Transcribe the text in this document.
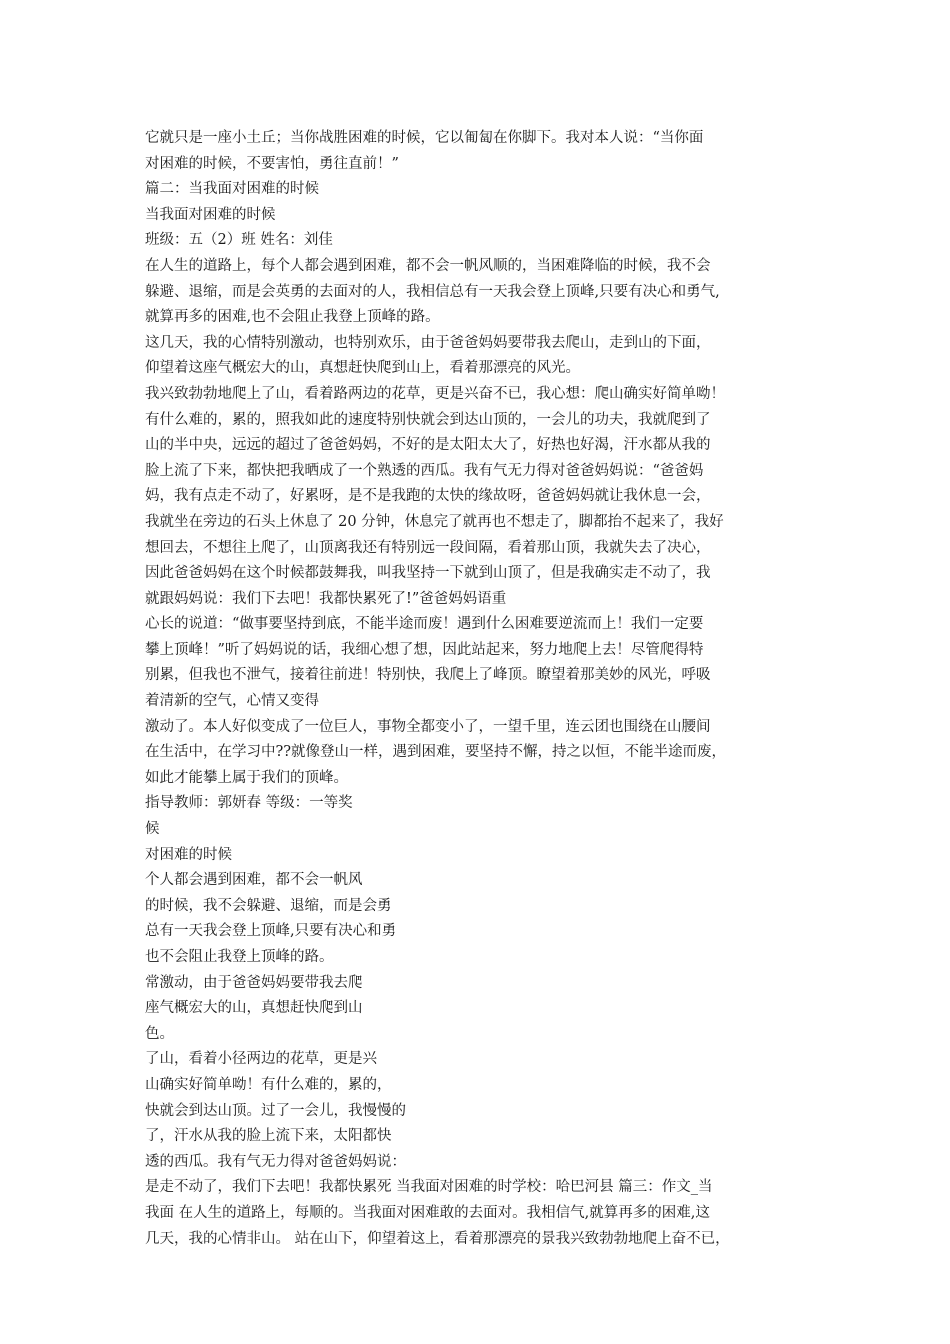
它就只是一座小土丘；当你战胜困难的时候，它以匍匐在你脚下。我对本人说：“当你面

对困难的时候，不要害怕，勇往直前！”

篇二：当我面对困难的时候

当我面对困难的时候

班级：五（2）班 姓名：刘佳

在人生的道路上，每个人都会遇到困难，都不会一帆风顺的，当困难降临的时候，我不会

躲避、退缩，而是会英勇的去面对的人，我相信总有一天我会登上顶峰,只要有决心和勇气,

就算再多的困难,也不会阻止我登上顶峰的路。

这几天，我的心情特别激动，也特别欢乐，由于爸爸妈妈要带我去爬山，走到山的下面，

仰望着这座气概宏大的山，真想赶快爬到山上，看着那漂亮的风光。

我兴致勃勃地爬上了山，看着路两边的花草，更是兴奋不已，我心想：爬山确实好简单呦！

有什么难的，累的，照我如此的速度特别快就会到达山顶的，一会儿的功夫，我就爬到了

山的半中央，远远的超过了爸爸妈妈，不好的是太阳太大了，好热也好渴，汗水都从我的

脸上流了下来，都快把我晒成了一个熟透的西瓜。我有气无力得对爸爸妈妈说：“爸爸妈

妈，我有点走不动了，好累呀，是不是我跑的太快的缘故呀，爸爸妈妈就让我休息一会，

我就坐在旁边的石头上休息了 20 分钟，休息完了就再也不想走了，脚都抬不起来了，我好

想回去，不想往上爬了，山顶离我还有特别远一段间隔，看着那山顶，我就失去了决心，

因此爸爸妈妈在这个时候都鼓舞我，叫我坚持一下就到山顶了，但是我确实走不动了，我

就跟妈妈说：我们下去吧！我都快累死了!”爸爸妈妈语重

心长的说道：“做事要坚持到底，不能半途而废！遇到什么困难要逆流而上！我们一定要

攀上顶峰！”听了妈妈说的话，我细心想了想，因此站起来，努力地爬上去！尽管爬得特

别累，但我也不泄气，接着往前进！特别快，我爬上了峰顶。瞭望着那美妙的风光，呼吸

着清新的空气，心情又变得

激动了。本人好似变成了一位巨人，事物全都变小了，一望千里，连云团也围绕在山腰间

在生活中，在学习中??就像登山一样，遇到困难，要坚持不懈，持之以恒，不能半途而废，

如此才能攀上属于我们的顶峰。

指导教师：郭妍春 等级：一等奖

候

对困难的时候

个人都会遇到困难，都不会一帆风

的时候，我不会躲避、退缩，而是会勇

总有一天我会登上顶峰,只要有决心和勇

也不会阻止我登上顶峰的路。

常激动，由于爸爸妈妈要带我去爬

座气概宏大的山，真想赶快爬到山

色。

了山，看着小径两边的花草，更是兴

山确实好简单呦！有什么难的，累的，

快就会到达山顶。过了一会儿，我慢慢的

了，汗水从我的脸上流下来，太阳都快

透的西瓜。我有气无力得对爸爸妈妈说：

是走不动了，我们下去吧！我都快累死 当我面对困难的时学校：哈巴河县 篇三：作文_当

我面 在人生的道路上，每顺的。当我面对困难敢的去面对。我相信气,就算再多的困难,这

几天，我的心情非山。 站在山下，仰望着这上，看着那漂亮的景我兴致勃勃地爬上奋不已，
